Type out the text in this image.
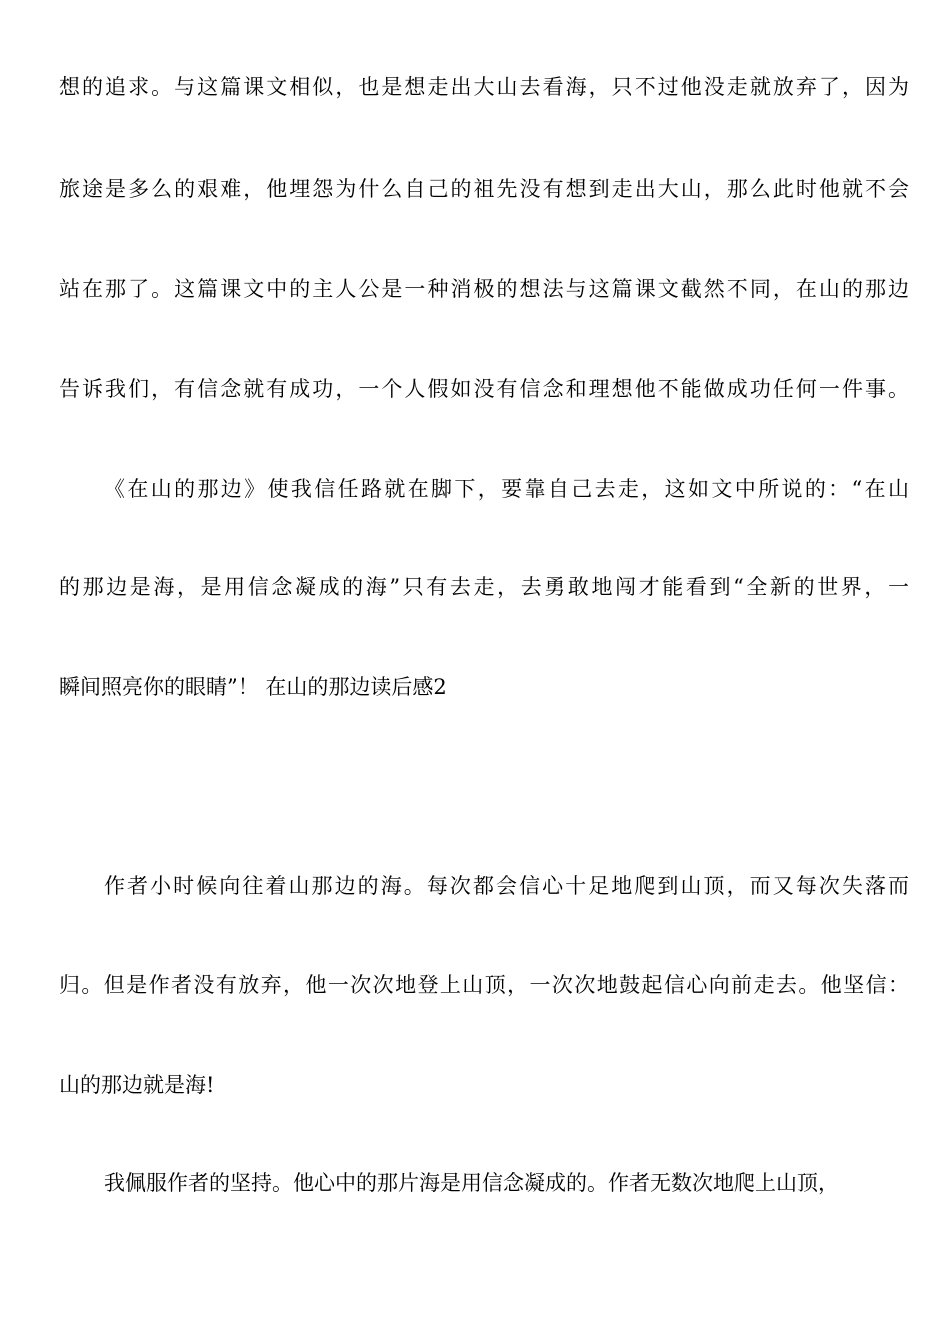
想的追求。与这篇课文相似，也是想走出大山去看海，只不过他没走就放弃了，因为
旅途是多么的艰难，他埋怨为什么自己的祖先没有想到走出大山，那么此时他就不会
站在那了。这篇课文中的主人公是一种消极的想法与这篇课文截然不同，在山的那边
告诉我们，有信念就有成功，一个人假如没有信念和理想他不能做成功任何一件事。
《在山的那边》使我信任路就在脚下，要靠自己去走，这如文中所说的：“在山
的那边是海，是用信念凝成的海”只有去走，去勇敢地闯才能看到“全新的世界，一
瞬间照亮你的眼睛”！ 在山的那边读后感2
作者小时候向往着山那边的海。每次都会信心十足地爬到山顶，而又每次失落而
归。但是作者没有放弃，他一次次地登上山顶，一次次地鼓起信心向前走去。他坚信：
山的那边就是海!
我佩服作者的坚持。他心中的那片海是用信念凝成的。作者无数次地爬上山顶，
